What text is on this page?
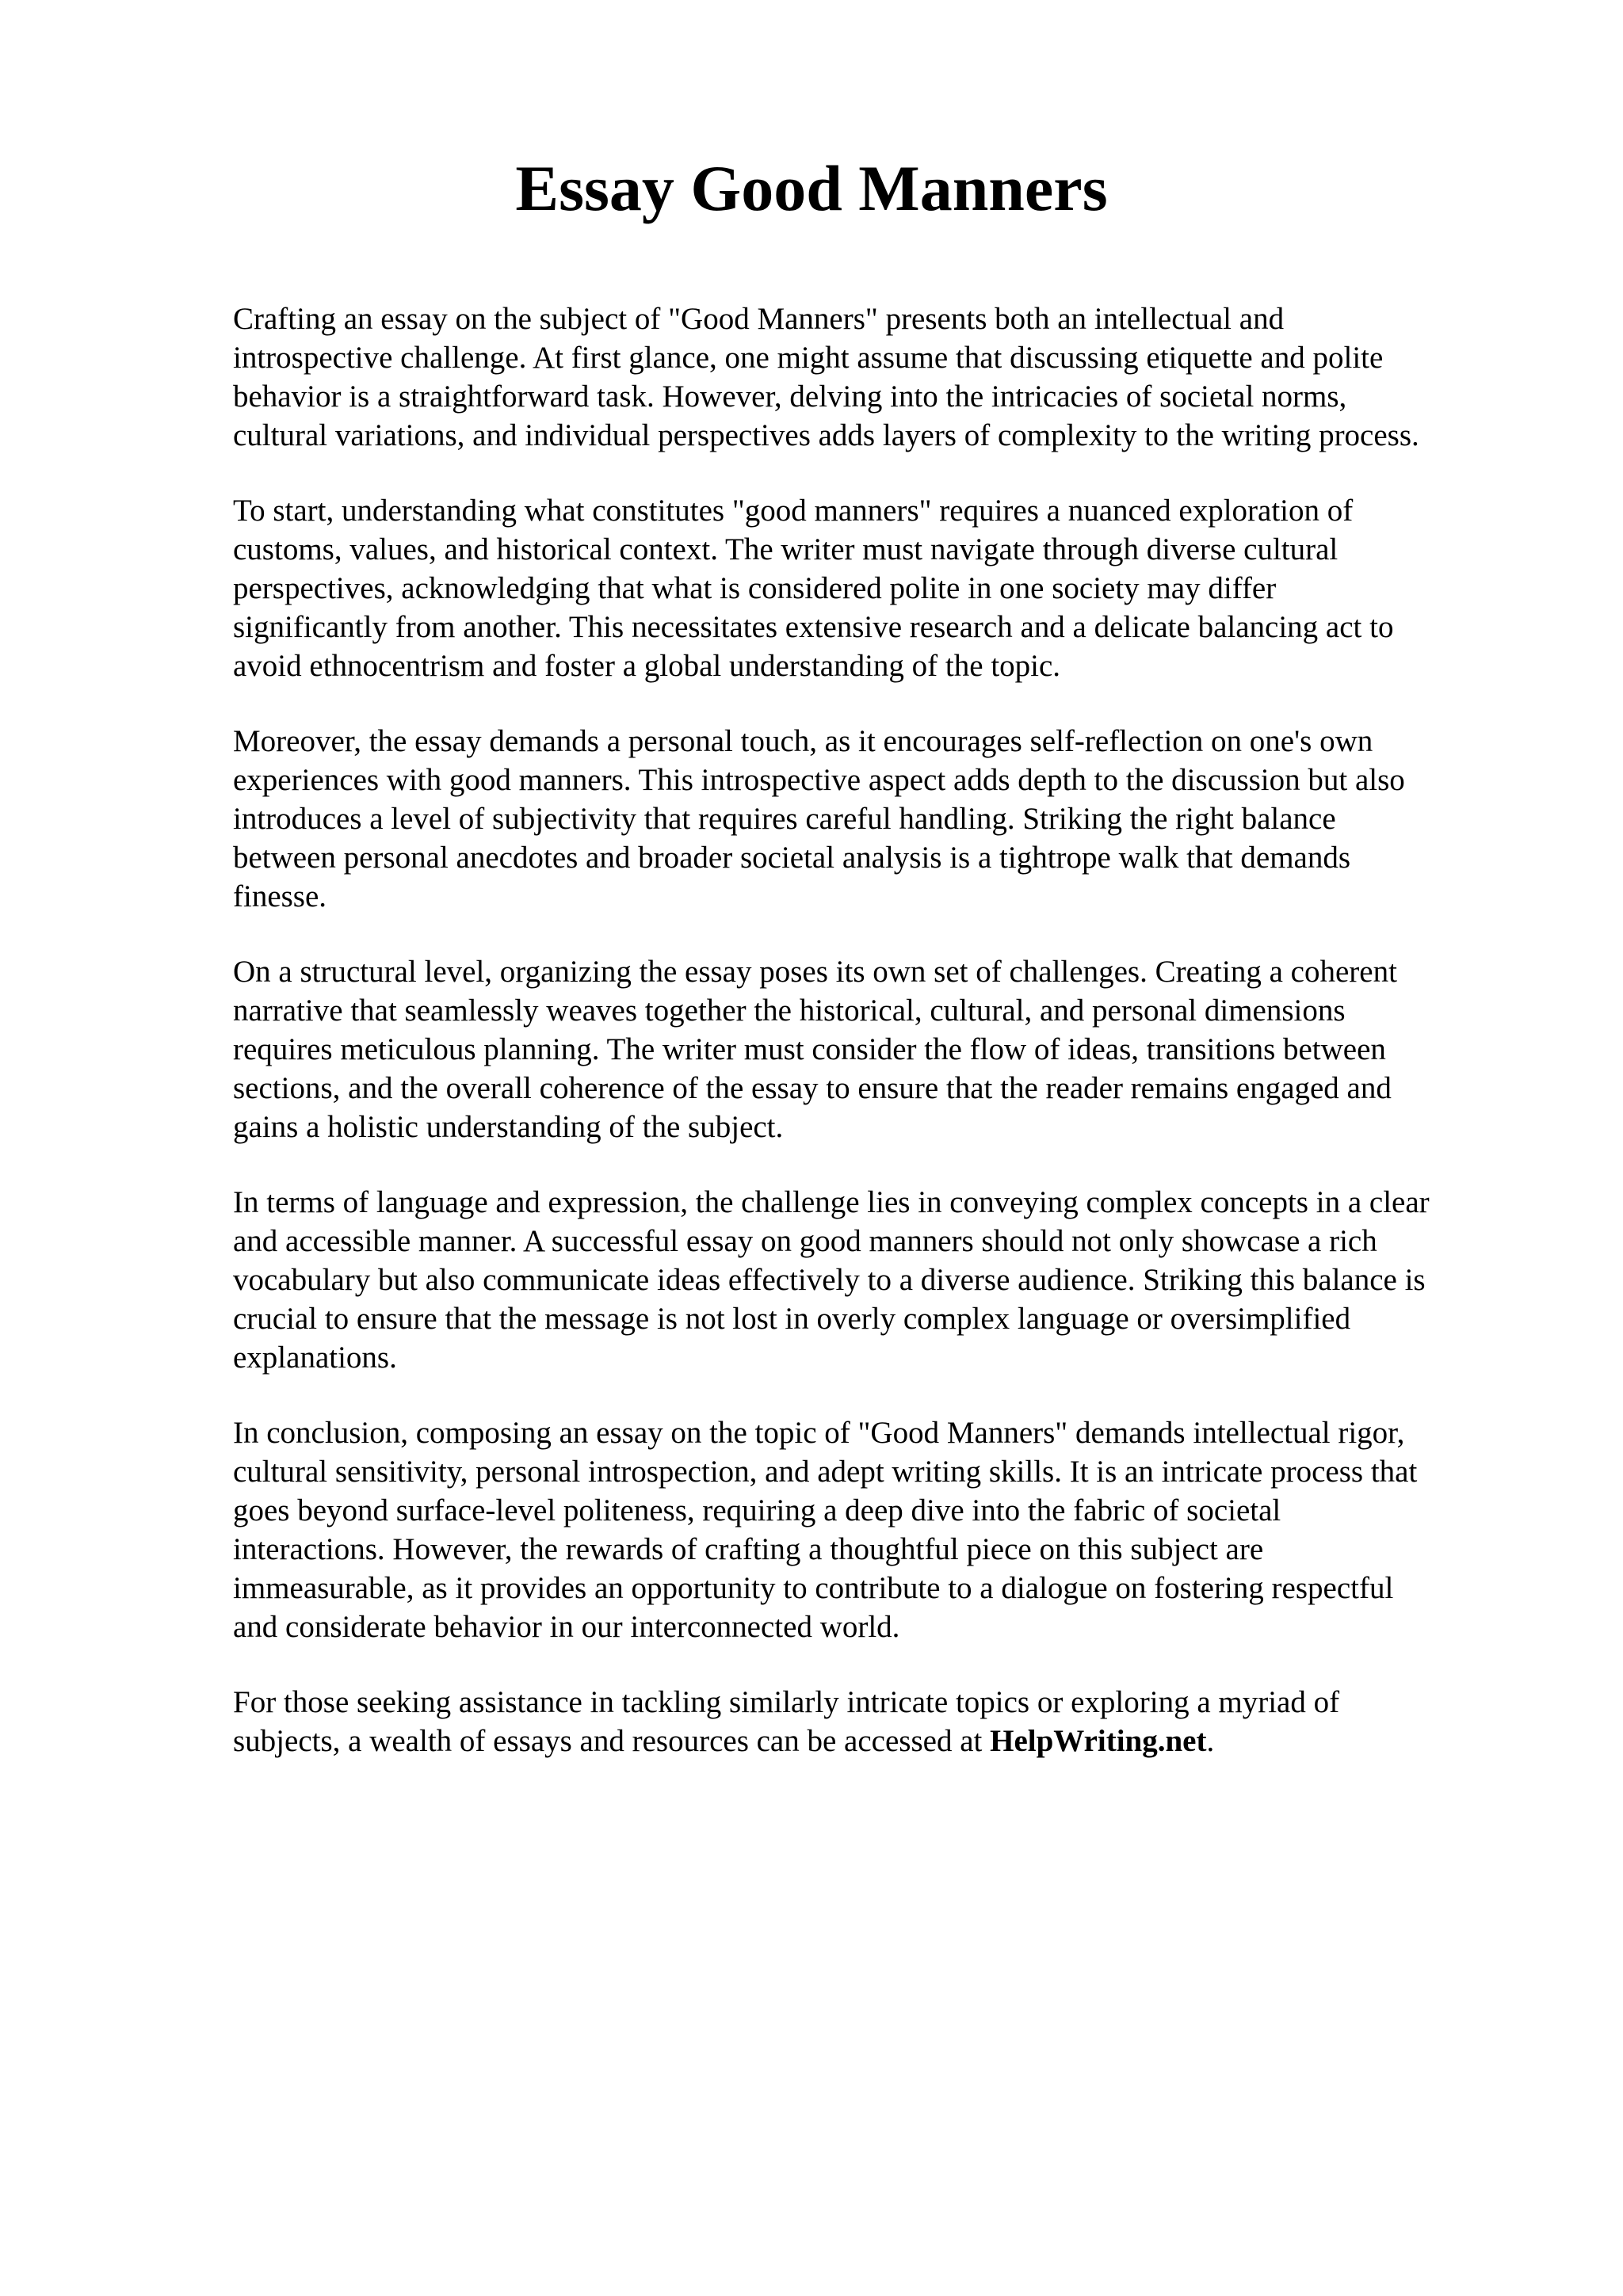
Essay Good Manners

Crafting an essay on the subject of "Good Manners" presents both an intellectual and
introspective challenge. At first glance, one might assume that discussing etiquette and polite
behavior is a straightforward task. However, delving into the intricacies of societal norms,
cultural variations, and individual perspectives adds layers of complexity to the writing process.

To start, understanding what constitutes "good manners" requires a nuanced exploration of
customs, values, and historical context. The writer must navigate through diverse cultural
perspectives, acknowledging that what is considered polite in one society may differ
significantly from another. This necessitates extensive research and a delicate balancing act to
avoid ethnocentrism and foster a global understanding of the topic.

Moreover, the essay demands a personal touch, as it encourages self-reflection on one's own
experiences with good manners. This introspective aspect adds depth to the discussion but also
introduces a level of subjectivity that requires careful handling. Striking the right balance
between personal anecdotes and broader societal analysis is a tightrope walk that demands
finesse.

On a structural level, organizing the essay poses its own set of challenges. Creating a coherent
narrative that seamlessly weaves together the historical, cultural, and personal dimensions
requires meticulous planning. The writer must consider the flow of ideas, transitions between
sections, and the overall coherence of the essay to ensure that the reader remains engaged and
gains a holistic understanding of the subject.

In terms of language and expression, the challenge lies in conveying complex concepts in a clear
and accessible manner. A successful essay on good manners should not only showcase a rich
vocabulary but also communicate ideas effectively to a diverse audience. Striking this balance is
crucial to ensure that the message is not lost in overly complex language or oversimplified
explanations.

In conclusion, composing an essay on the topic of "Good Manners" demands intellectual rigor,
cultural sensitivity, personal introspection, and adept writing skills. It is an intricate process that
goes beyond surface-level politeness, requiring a deep dive into the fabric of societal
interactions. However, the rewards of crafting a thoughtful piece on this subject are
immeasurable, as it provides an opportunity to contribute to a dialogue on fostering respectful
and considerate behavior in our interconnected world.

For those seeking assistance in tackling similarly intricate topics or exploring a myriad of
subjects, a wealth of essays and resources can be accessed at HelpWriting.net.
